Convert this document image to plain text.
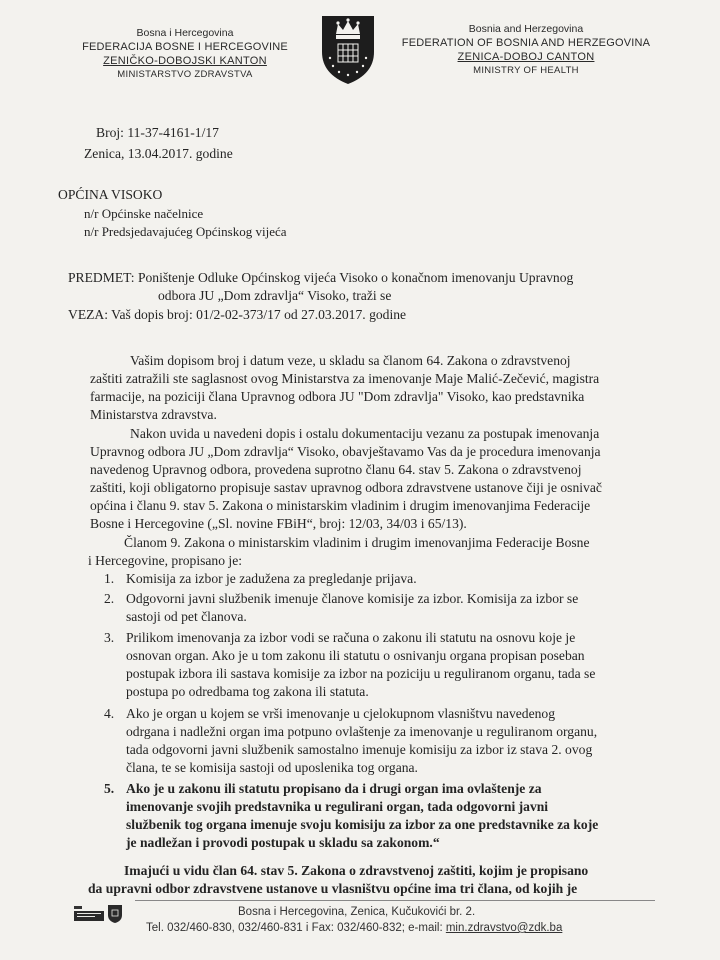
Bosna i Hercegovina
FEDERACIJA BOSNE I HERCEGOVINE
ZENIČKO-DOBOJSKI KANTON
MINISTARSTVO ZDRAVSTVA
Bosnia and Herzegovina
FEDERATION OF BOSNIA AND HERZEGOVINA
ZENICA-DOBOJ CANTON
MINISTRY OF HEALTH
Broj: 11-37-4161-1/17
Zenica, 13.04.2017. godine
OPĆINA VISOKO
n/r Općinske načelnice
n/r Predsjedavajućeg Općinskog vijeća
PREDMET: Poništenje Odluke Općinskog vijeća Visoko o konačnom imenovanju Upravnog
odbora JU „Dom zdravlja“ Visoko, traži se
VEZA: Vaš dopis broj: 01/2-02-373/17 od 27.03.2017. godine
Vašim dopisom broj i datum veze, u skladu sa članom 64. Zakona o zdravstvenoj
zaštiti zatražili ste saglasnost ovog Ministarstva za imenovanje Maje Malić-Zečević, magistra
farmacije, na poziciji člana Upravnog odbora JU "Dom zdravlja" Visoko, kao predstavnika
Ministarstva zdravstva.
Nakon uvida u navedeni dopis i ostalu dokumentaciju vezanu za postupak imenovanja
Upravnog odbora JU „Dom zdravlja“ Visoko, obavještavamo Vas da je procedura imenovanja
navedenog Upravnog odbora, provedena suprotno članu 64. stav 5. Zakona o zdravstvenoj
zaštiti, koji obligatorno propisuje sastav upravnog odbora zdravstvene ustanove čiji je osnivač
općina i članu 9. stav 5. Zakona o ministarskim vladinim i drugim imenovanjima Federacije
Bosne i Hercegovine („Sl. novine FBiH“, broj: 12/03, 34/03 i 65/13).
Članom 9. Zakona o ministarskim vladinim i drugim imenovanjima Federacije Bosne
i Hercegovine, propisano je:
1. Komisija za izbor je zadužena za pregledanje prijava.
2. Odgovorni javni službenik imenuje članove komisije za izbor. Komisija za izbor se
sastoji od pet članova.
3. Prilikom imenovanja za izbor vodi se računa o zakonu ili statutu na osnovu koje je
osnovan organ. Ako je u tom zakonu ili statutu o osnivanju organa propisan poseban
postupak izbora ili sastava komisije za izbor na poziciju u reguliranom organu, tada se
postupa po odredbama tog zakona ili statuta.
4. Ako je organ u kojem se vrši imenovanje u cjelokupnom vlasništvu navedenog
odrgana i nadležni organ ima potpuno ovlaštenje za imenovanje u reguliranom organu,
tada odgovorni javni službenik samostalno imenuje komisiju za izbor iz stava 2. ovog
člana, te se komisija sastoji od uposlenika tog organa.
5. Ako je u zakonu ili statutu propisano da i drugi organ ima ovlaštenje za
imenovanje svojih predstavnika u regulirani organ, tada odgovorni javni
službenik tog organa imenuje svoju komisiju za izbor za one predstavnike za koje
je nadležan i provodi postupak u skladu sa zakonom.“
Imajući u vidu član 64. stav 5. Zakona o zdravstvenoj zaštiti, kojim je propisano
da upravni odbor zdravstvene ustanove u vlasništvu općine ima tri člana, od kojih je
Bosna i Hercegovina, Zenica, Kučukovići br. 2.
Tel. 032/460-830, 032/460-831 i Fax: 032/460-832; e-mail: min.zdravstvo@zdk.ba
